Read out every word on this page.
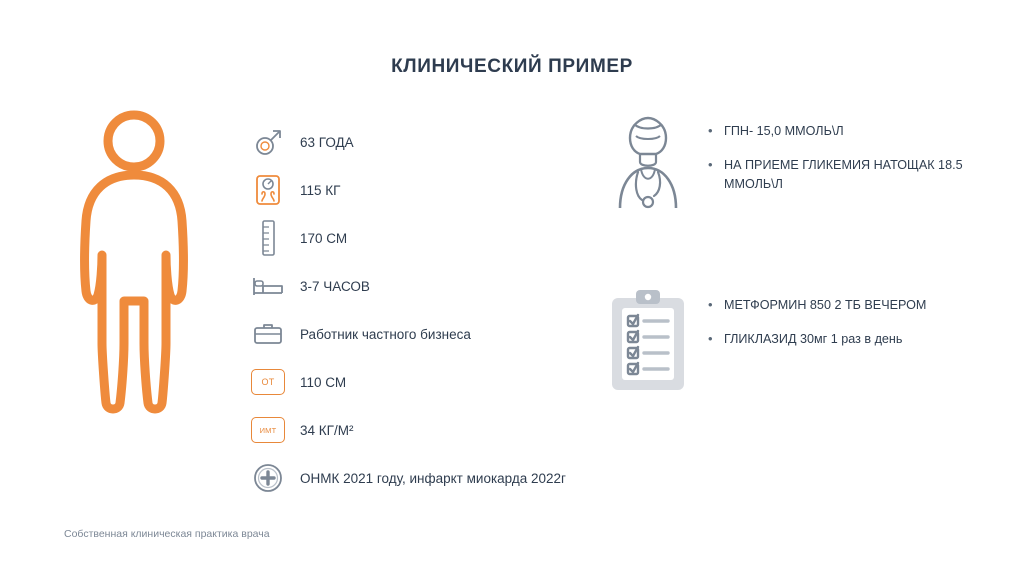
КЛИНИЧЕСКИЙ ПРИМЕР
63 ГОДА
115 КГ
170 СМ
3-7 ЧАСОВ
Работник частного бизнеса
ОТ	110 СМ
ИМТ	34 КГ/М²
ОНМК 2021 году, инфаркт миокарда 2022г
• ГПН- 15,0 ММОЛЬ\Л
• НА ПРИЕМЕ ГЛИКЕМИЯ НАТОЩАК 18.5 ММОЛЬ\Л
• МЕТФОРМИН 850 2 ТБ ВЕЧЕРОМ
• ГЛИКЛАЗИД 30мг 1 раз в день
Собственная клиническая практика врача
